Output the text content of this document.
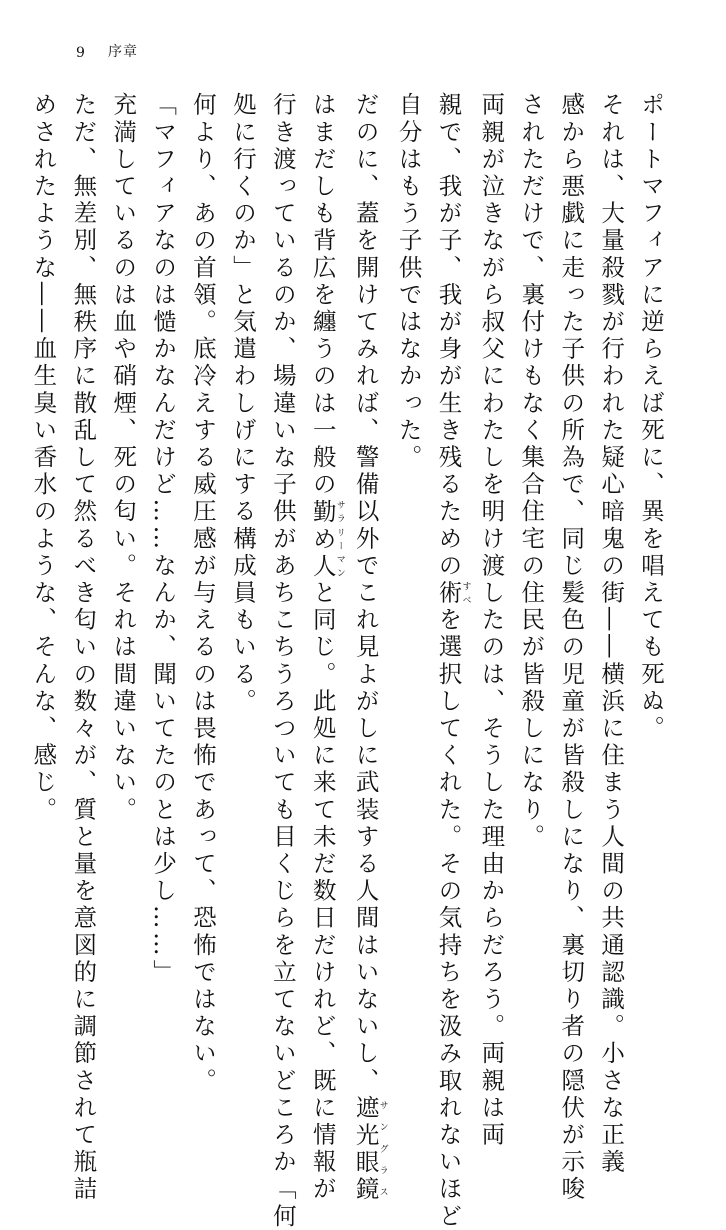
9 序章
ポートマフィアに逆らえば死に、異を唱えても死ぬ。
それは、大量殺戮が行われた疑心暗鬼の街――横浜に住まう人間の共通認識。小さな正義
感から悪戯に走った子供の所為で、同じ髪色の児童が皆殺しになり、裏切り者の隠伏が示唆
されただけで、裏付けもなく集合住宅の住民が皆殺しになり。
両親が泣きながら叔父にわたしを明け渡したのは、そうした理由からだろう。両親は両
親で、我が子、我が身が生き残るための術すべを選択してくれた。その気持ちを汲み取れないほど
自分はもう子供ではなかった。
だのに、蓋を開けてみれば、警備以外でこれ見よがしに武装する人間はいないし、遮光眼鏡サングラス
はまだしも背広を纏うのは一般の勤め人サラリーマンと同じ。此処に来て未だ数日だけれど、既に情報が
行き渡っているのか、場違いな子供があちこちうろついても目くじらを立てないどころか「何
処に行くのか」と気遣わしげにする構成員もいる。
何より、あの首領。底冷えする威圧感が与えるのは畏怖であって、恐怖ではない。
「マフィアなのは慥かなんだけど……なんか、聞いてたのとは少し……」
充満しているのは血や硝煙、死の匂い。それは間違いない。
ただ、無差別、無秩序に散乱して然るべき匂いの数々が、質と量を意図的に調節されて瓶詰
めされたような――血生臭い香水のような、そんな、感じ。
